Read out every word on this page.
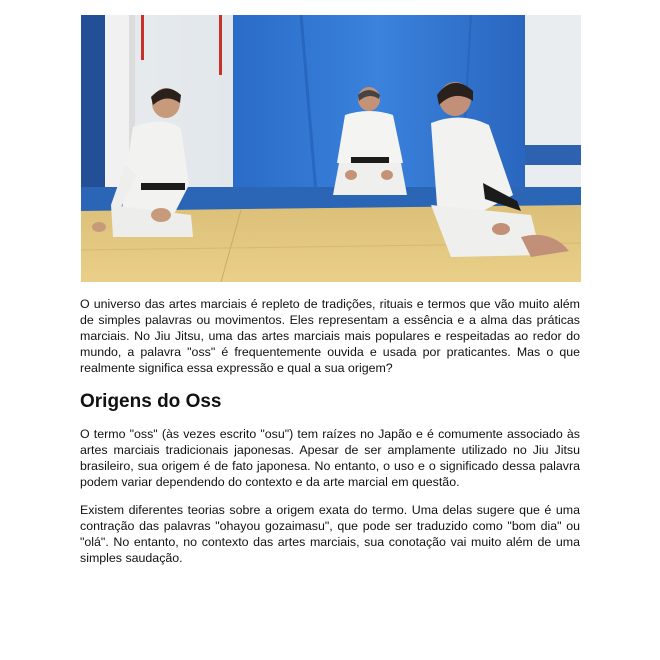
O universo das artes marciais é repleto de tradições, rituais e termos que vão muito além de simples palavras ou movimentos. Eles representam a essência e a alma das práticas marciais. No Jiu Jitsu, uma das artes marciais mais populares e respeitadas ao redor do mundo, a palavra "oss" é frequentemente ouvida e usada por praticantes. Mas o que realmente significa essa expressão e qual a sua origem?

Origens do Oss

O termo "oss" (às vezes escrito "osu") tem raízes no Japão e é comumente associado às artes marciais tradicionais japonesas. Apesar de ser amplamente utilizado no Jiu Jitsu brasileiro, sua origem é de fato japonesa. No entanto, o uso e o significado dessa palavra podem variar dependendo do contexto e da arte marcial em questão.

Existem diferentes teorias sobre a origem exata do termo. Uma delas sugere que é uma contração das palavras "ohayou gozaimasu", que pode ser traduzido como "bom dia" ou "olá". No entanto, no contexto das artes marciais, sua conotação vai muito além de uma simples saudação.
